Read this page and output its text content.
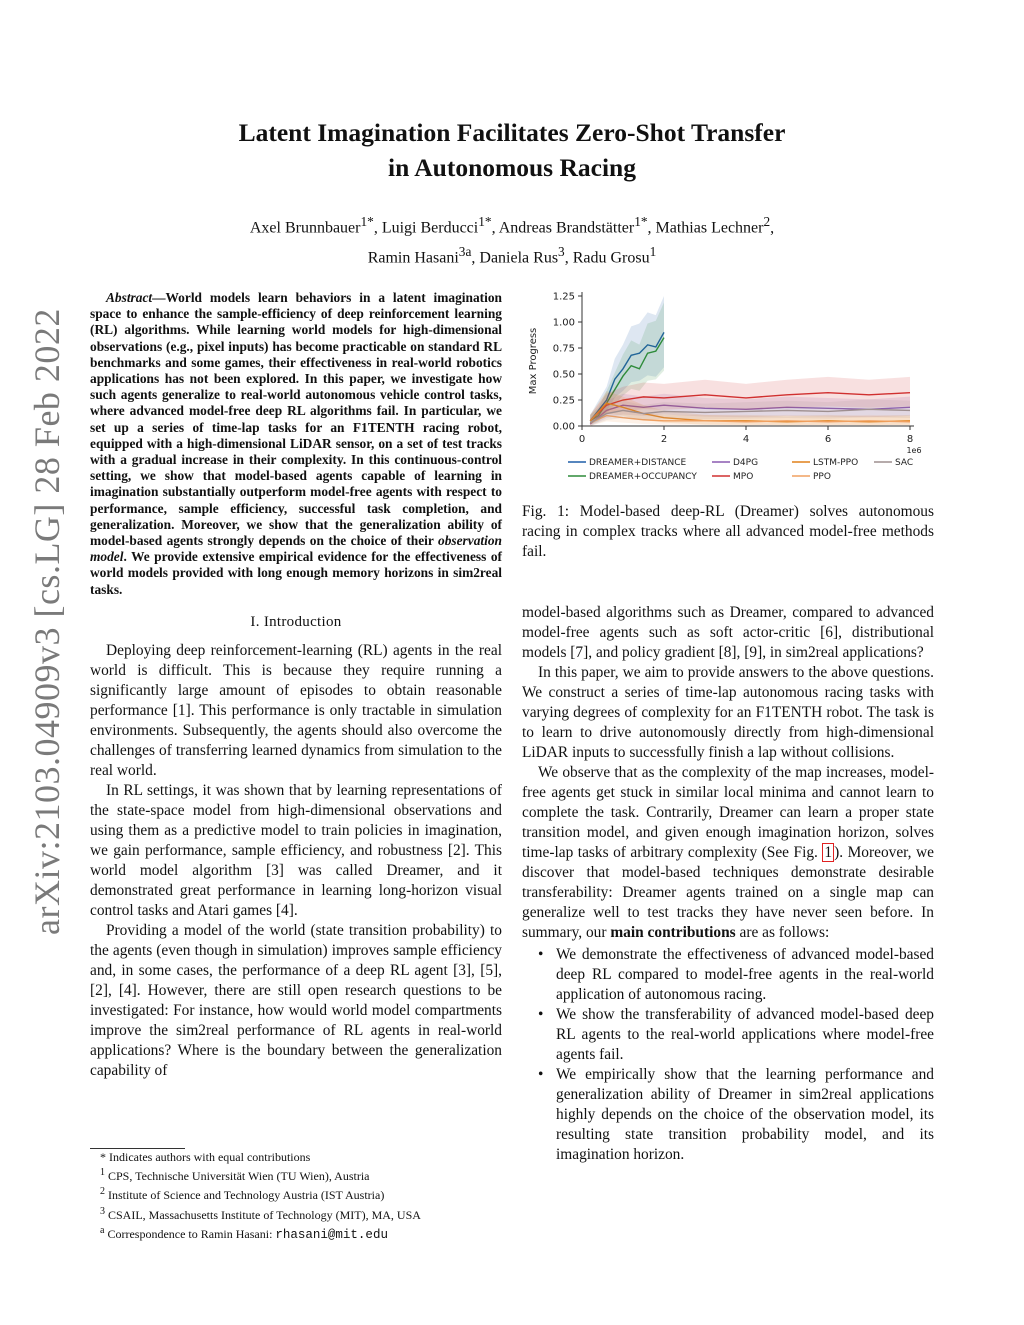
arXiv:2103.04909v3 [cs.LG] 28 Feb 2022
Latent Imagination Facilitates Zero-Shot Transfer
in Autonomous Racing
Axel Brunnbauer$^{1*}$, Luigi Berducci$^{1*}$, Andreas Brandstätter$^{1*}$, Mathias Lechner$^2$,
Ramin Hasani$^{3a}$, Daniela Rus$^3$, Radu Grosu$^1$

Abstract—World models learn behaviors in a latent imagination space to enhance the sample-efficiency of deep reinforcement learning (RL) algorithms. While learning world models for high-dimensional observations (e.g., pixel inputs) has become practicable on standard RL benchmarks and some games, their effectiveness in real-world robotics applications has not been explored. In this paper, we investigate how such agents generalize to real-world autonomous vehicle control tasks, where advanced model-free deep RL algorithms fail. In particular, we set up a series of time-lap tasks for an F1TENTH racing robot, equipped with a high-dimensional LiDAR sensor, on a set of test tracks with a gradual increase in their complexity. In this continuous-control setting, we show that model-based agents capable of learning in imagination substantially outperform model-free agents with respect to performance, sample efficiency, successful task completion, and generalization. Moreover, we show that the generalization ability of model-based agents strongly depends on the choice of their observation model. We provide extensive empirical evidence for the effectiveness of world models provided with long enough memory horizons in sim2real tasks.

I. Introduction

Deploying deep reinforcement-learning (RL) agents in the real world is difficult. This is because they require running a significantly large amount of episodes to obtain reasonable performance [1]. This performance is only tractable in simulation environments. Subsequently, the agents should also overcome the challenges of transferring learned dynamics from simulation to the real world.

In RL settings, it was shown that by learning representations of the state-space model from high-dimensional observations and using them as a predictive model to train policies in imagination, we gain performance, sample efficiency, and robustness [2]. This world model algorithm [3] was called Dreamer, and it demonstrated great performance in learning long-horizon visual control tasks and Atari games [4].

Providing a model of the world (state transition probability) to the agents (even though in simulation) improves sample efficiency and, in some cases, the performance of a deep RL agent [3], [5], [2], [4]. However, there are still open research questions to be investigated: For instance, how would world model compartments improve the sim2real performance of RL agents in real-world applications? Where is the boundary between the generalization capability of

* Indicates authors with equal contributions
$^1$ CPS, Technische Universität Wien (TU Wien), Austria
$^2$ Institute of Science and Technology Austria (IST Austria)
$^3$ CSAIL, Massachusetts Institute of Technology (MIT), MA, USA
$^a$ Correspondence to Ramin Hasani: rhasani@mit.edu
0.00
0.25
0.50
0.75
1.00
1.25
0	2	4	6	8
1e6
Max Progress
DREAMER+DISTANCE	D4PG	LSTM-PPO	SAC
DREAMER+OCCUPANCY	MPO	PPO
Fig. 1: Model-based deep-RL (Dreamer) solves autonomous racing in complex tracks where all advanced model-free methods fail.

model-based algorithms such as Dreamer, compared to advanced model-free agents such as soft actor-critic [6], distributional models [7], and policy gradient [8], [9], in sim2real applications?

In this paper, we aim to provide answers to the above questions. We construct a series of time-lap autonomous racing tasks with varying degrees of complexity for an F1TENTH robot. The task is to learn to drive autonomously directly from high-dimensional LiDAR inputs to successfully finish a lap without collisions.

We observe that as the complexity of the map increases, model-free agents get stuck in similar local minima and cannot learn to complete the task. Contrarily, Dreamer can learn a proper state transition model, and given enough imagination horizon, solves time-lap tasks of arbitrary complexity (See Fig. 1 ). Moreover, we discover that model-based techniques demonstrate desirable transferability: Dreamer agents trained on a single map can generalize well to test tracks they have never seen before. In summary, our main contributions are as follows:

• We demonstrate the effectiveness of advanced model-based deep RL compared to model-free agents in the real-world application of autonomous racing.
• We show the transferability of advanced model-based deep RL agents to the real-world applications where model-free agents fail.
• We empirically show that the learning performance and generalization ability of Dreamer in sim2real applications highly depends on the choice of the observation model, its resulting state transition probability model, and its imagination horizon.
